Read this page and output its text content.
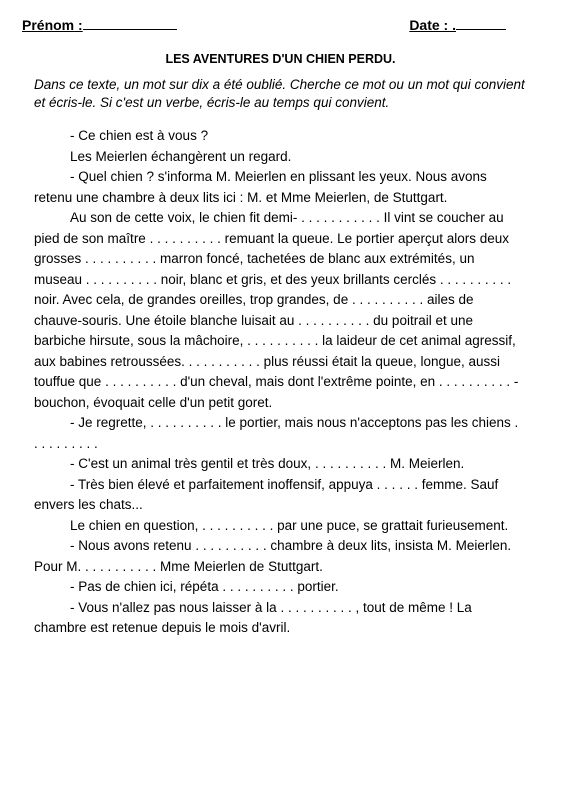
Prénom :	Date : .
LES AVENTURES D'UN CHIEN PERDU.
Dans ce texte, un mot sur dix a été oublié. Cherche ce mot ou un mot qui convient et écris-le. Si c'est un verbe, écris-le au temps qui convient.

- Ce chien est à vous ?

Les Meierlen échangèrent un regard.

- Quel chien ? s'informa M. Meierlen en plissant les yeux. Nous avons retenu une chambre à deux lits ici : M. et Mme Meierlen, de Stuttgart.

Au son de cette voix, le chien fit demi- . . . . . . . . . . . Il vint se coucher au pied de son maître . . . . . . . . . . remuant la queue. Le portier aperçut alors deux grosses . . . . . . . . . . marron foncé, tachetées de blanc aux extrémités, un museau . . . . . . . . . . noir, blanc et gris, et des yeux brillants cerclés . . . . . . . . . . noir. Avec cela, de grandes oreilles, trop grandes, de . . . . . . . . . . ailes de chauve-souris. Une étoile blanche luisait au . . . . . . . . . . du poitrail et une barbiche hirsute, sous la mâchoire, . . . . . . . . . . la laideur de cet animal agressif, aux babines retroussées. . . . . . . . . . . plus réussi était la queue, longue, aussi touffue que . . . . . . . . . . d'un cheval, mais dont l'extrême pointe, en . . . . . . . . . . -bouchon, évoquait celle d'un petit goret.

- Je regrette, . . . . . . . . . . le portier, mais nous n'acceptons pas les chiens . . . . . . . . . .

- C'est un animal très gentil et très doux, . . . . . . . . . . M. Meierlen.

- Très bien élevé et parfaitement inoffensif, appuya . . . . . . femme. Sauf envers les chats...

Le chien en question, . . . . . . . . . . par une puce, se grattait furieusement.

- Nous avons retenu . . . . . . . . . . chambre à deux lits, insista M. Meierlen. Pour M. . . . . . . . . . . Mme Meierlen de Stuttgart.

- Pas de chien ici, répéta . . . . . . . . . . portier.

- Vous n'allez pas nous laisser à la . . . . . . . . . . , tout de même ! La chambre est retenue depuis le mois d'avril.
